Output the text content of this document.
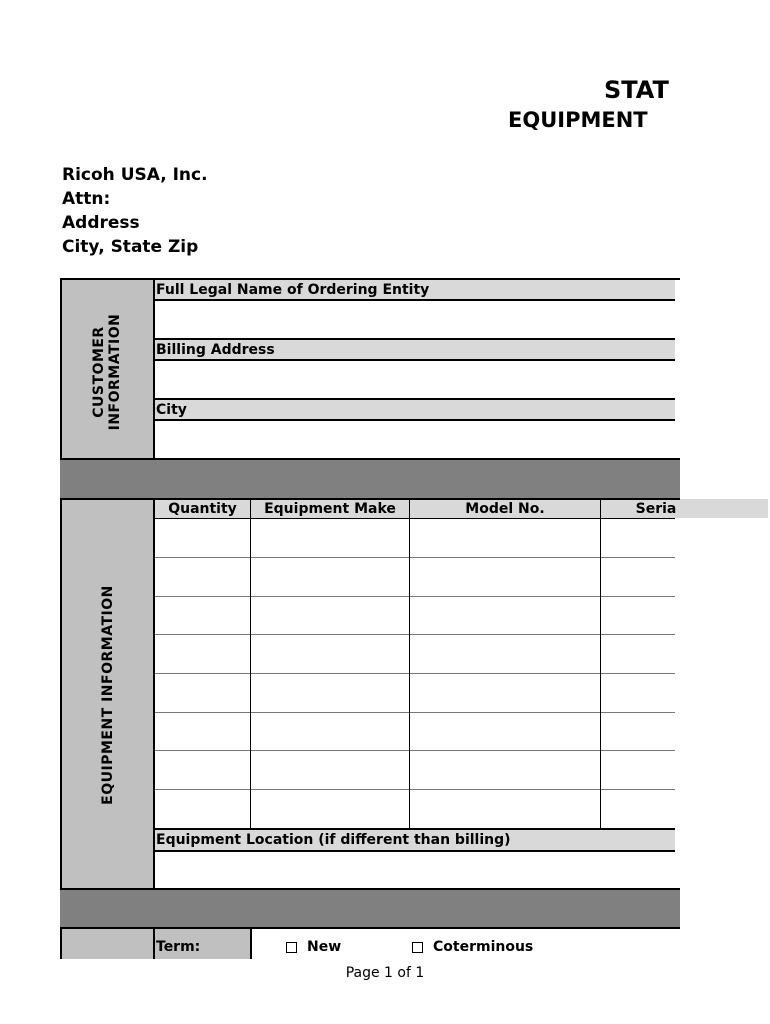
STAT
EQUIPMENT
Ricoh USA, Inc.
Attn:
Address
City, State Zip
CUSTOMER
INFORMATION
Full Legal Name of Ordering Entity
Billing Address
City
EQUIPMENT INFORMATION
Quantity	Equipment Make	Model No.	Seria
Equipment Location (if different than billing)
Term:	New	Coterminous
Page 1 of 1
